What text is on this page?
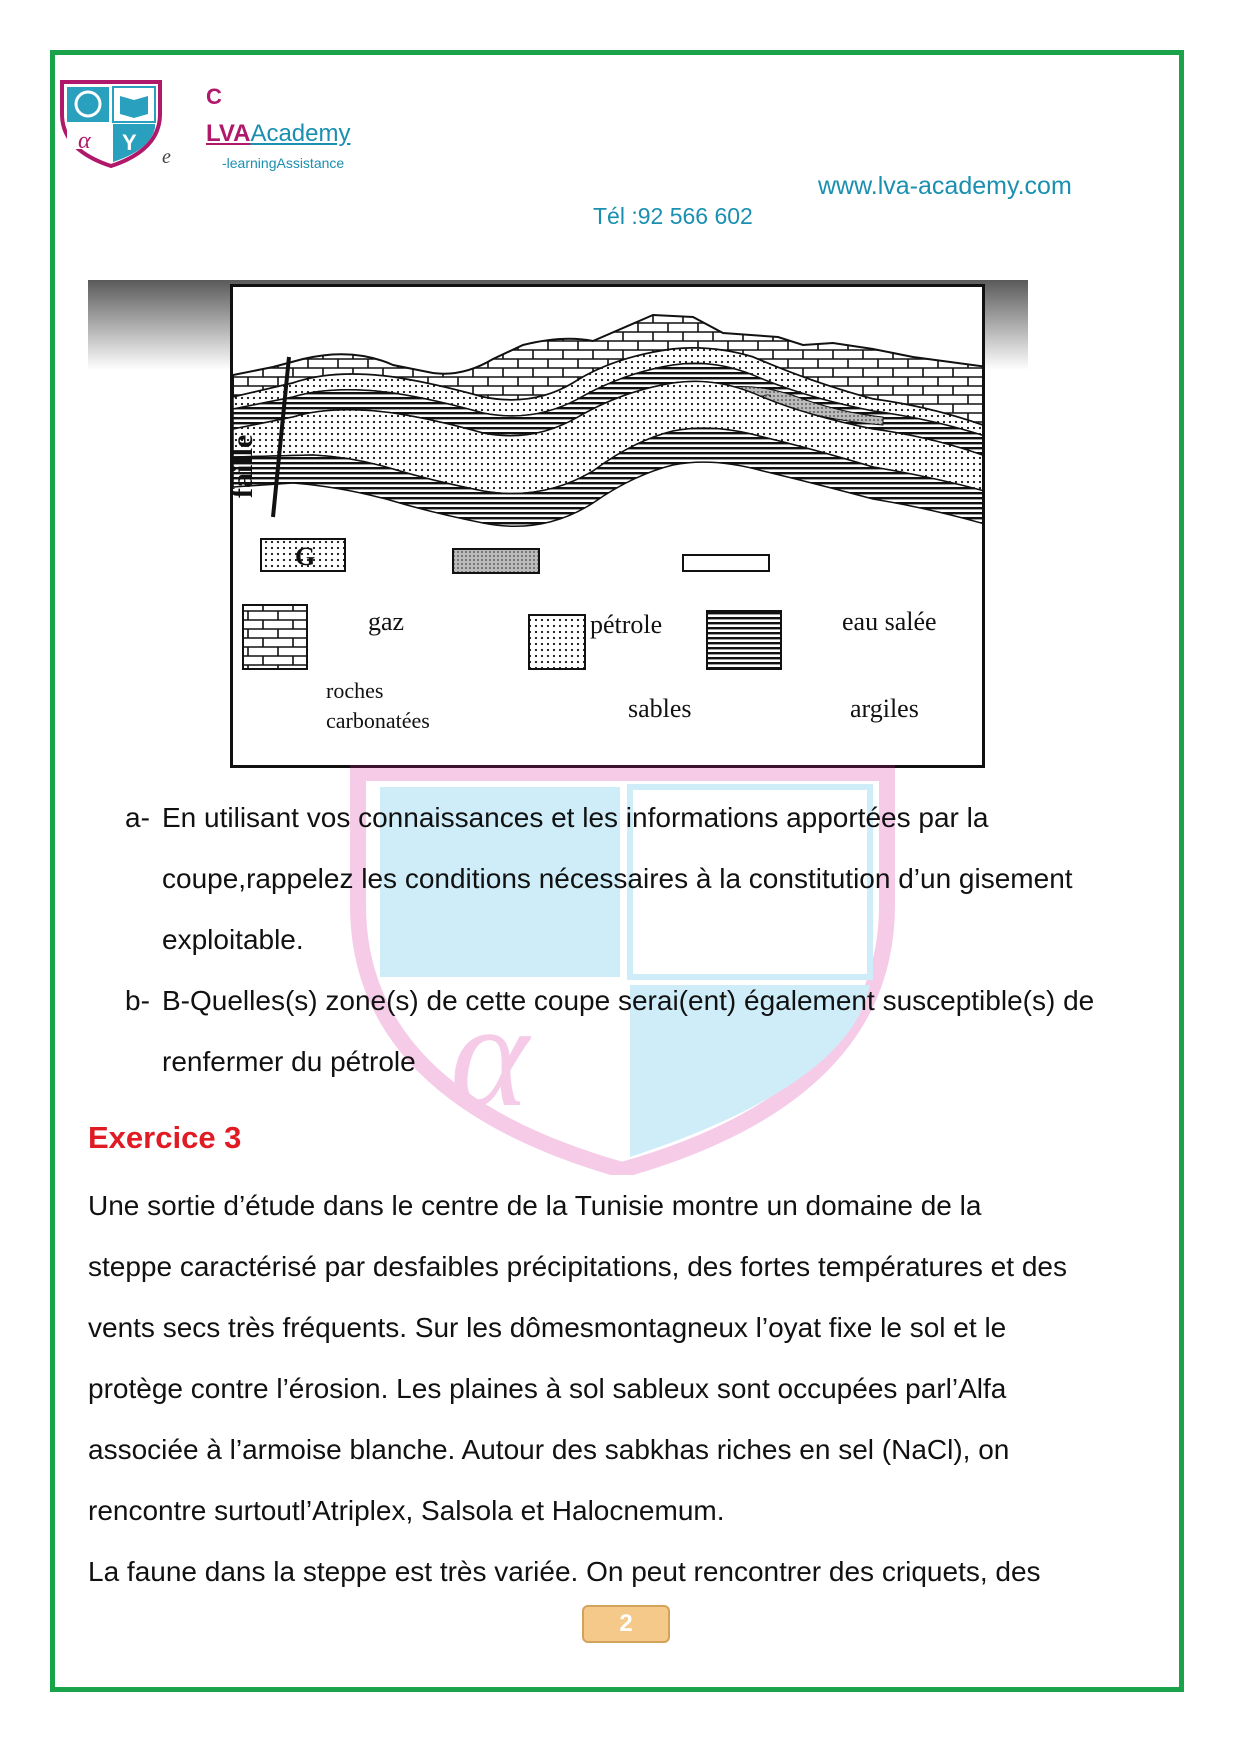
α Y
C
LVAAcademy
e	-learningAssistance
www.lva-academy.com
Tél :92 566 602
G
faille
gaz	pétrole	eau salée
roches
carbonatées	sables	argiles
α
a- En utilisant vos connaissances et les informations apportées par la
coupe,rappelez les conditions nécessaires à la constitution d’un gisement
exploitable.
b- B-Quelles(s) zone(s) de cette coupe serai(ent) également susceptible(s) de
renfermer du pétrole
Exercice 3
Une sortie d’étude dans le centre de la Tunisie montre un domaine de la
steppe caractérisé par desfaibles précipitations, des fortes températures et des
vents secs très fréquents. Sur les dômesmontagneux l’oyat fixe le sol et le
protège contre l’érosion. Les plaines à sol sableux sont occupées parl’Alfa
associée à l’armoise blanche. Autour des sabkhas riches en sel (NaCl), on
rencontre surtoutl’Atriplex, Salsola et Halocnemum.
La faune dans la steppe est très variée. On peut rencontrer des criquets, des
2
